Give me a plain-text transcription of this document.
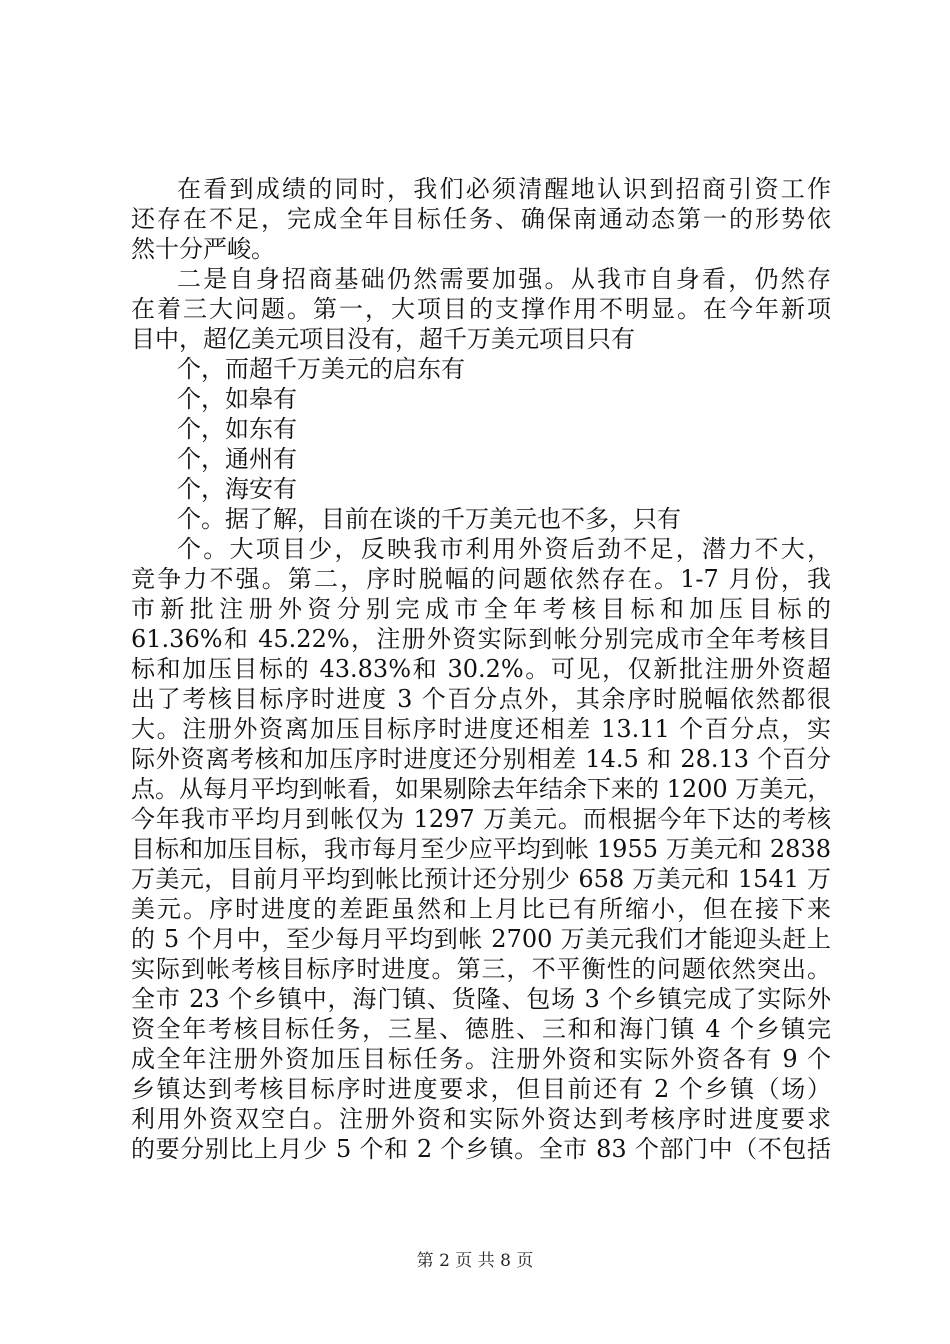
在看到成绩的同时，我们必须清醒地认识到招商引资工作
还存在不足，完成全年目标任务、确保南通动态第一的形势依
然十分严峻。
二是自身招商基础仍然需要加强。从我市自身看，仍然存
在着三大问题。第一，大项目的支撑作用不明显。在今年新项
目中，超亿美元项目没有，超千万美元项目只有
个，而超千万美元的启东有
个，如皋有
个，如东有
个，通州有
个，海安有
个。据了解，目前在谈的千万美元也不多，只有
个。大项目少，反映我市利用外资后劲不足，潜力不大，
竞争力不强。第二，序时脱幅的问题依然存在。1-7 月份，我
市新批注册外资分别完成市全年考核目标和加压目标的
61.36%和 45.22%，注册外资实际到帐分别完成市全年考核目
标和加压目标的 43.83%和 30.2%。可见，仅新批注册外资超
出了考核目标序时进度 3 个百分点外，其余序时脱幅依然都很
大。注册外资离加压目标序时进度还相差 13.11 个百分点，实
际外资离考核和加压序时进度还分别相差 14.5 和 28.13 个百分
点。从每月平均到帐看，如果剔除去年结余下来的 1200 万美元，
今年我市平均月到帐仅为 1297 万美元。而根据今年下达的考核
目标和加压目标，我市每月至少应平均到帐 1955 万美元和 2838
万美元，目前月平均到帐比预计还分别少 658 万美元和 1541 万
美元。序时进度的差距虽然和上月比已有所缩小，但在接下来
的 5 个月中，至少每月平均到帐 2700 万美元我们才能迎头赶上
实际到帐考核目标序时进度。第三，不平衡性的问题依然突出。
全市 23 个乡镇中，海门镇、货隆、包场 3 个乡镇完成了实际外
资全年考核目标任务，三星、德胜、三和和海门镇 4 个乡镇完
成全年注册外资加压目标任务。注册外资和实际外资各有 9 个
乡镇达到考核目标序时进度要求，但目前还有 2 个乡镇（场）
利用外资双空白。注册外资和实际外资达到考核序时进度要求
的要分别比上月少 5 个和 2 个乡镇。全市 83 个部门中（不包括
第 2 页 共 8 页
